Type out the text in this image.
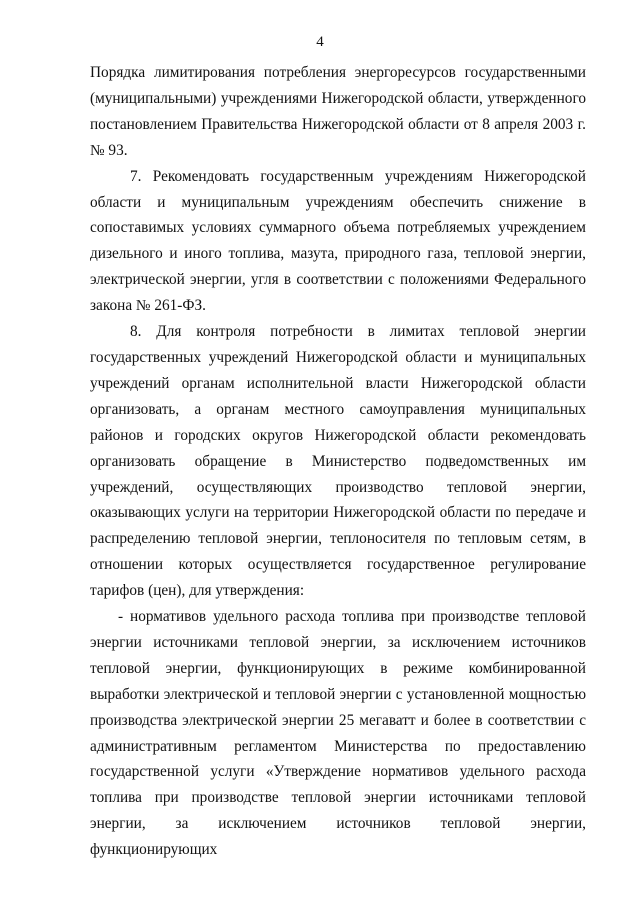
4

Порядка лимитирования потребления энергоресурсов государственными (муниципальными) учреждениями Нижегородской области, утвержденного постановлением Правительства Нижегородской области от 8 апреля 2003 г. № 93.

7. Рекомендовать государственным учреждениям Нижегородской области и муниципальным учреждениям обеспечить снижение в сопоставимых условиях суммарного объема потребляемых учреждением дизельного и иного топлива, мазута, природного газа, тепловой энергии, электрической энергии, угля в соответствии с положениями Федерального закона № 261-ФЗ.

8. Для контроля потребности в лимитах тепловой энергии государственных учреждений Нижегородской области и муниципальных учреждений органам исполнительной власти Нижегородской области организовать, а органам местного самоуправления муниципальных районов и городских округов Нижегородской области рекомендовать организовать обращение в Министерство подведомственных им учреждений, осуществляющих производство тепловой энергии, оказывающих услуги на территории Нижегородской области по передаче и распределению тепловой энергии, теплоносителя по тепловым сетям, в отношении которых осуществляется государственное регулирование тарифов (цен), для утверждения:

- нормативов удельного расхода топлива при производстве тепловой энергии источниками тепловой энергии, за исключением источников тепловой энергии, функционирующих в режиме комбинированной выработки электрической и тепловой энергии с установленной мощностью производства электрической энергии 25 мегаватт и более в соответствии с административным регламентом Министерства по предоставлению государственной услуги «Утверждение нормативов удельного расхода топлива при производстве тепловой энергии источниками тепловой энергии, за исключением источников тепловой энергии, функционирующих
